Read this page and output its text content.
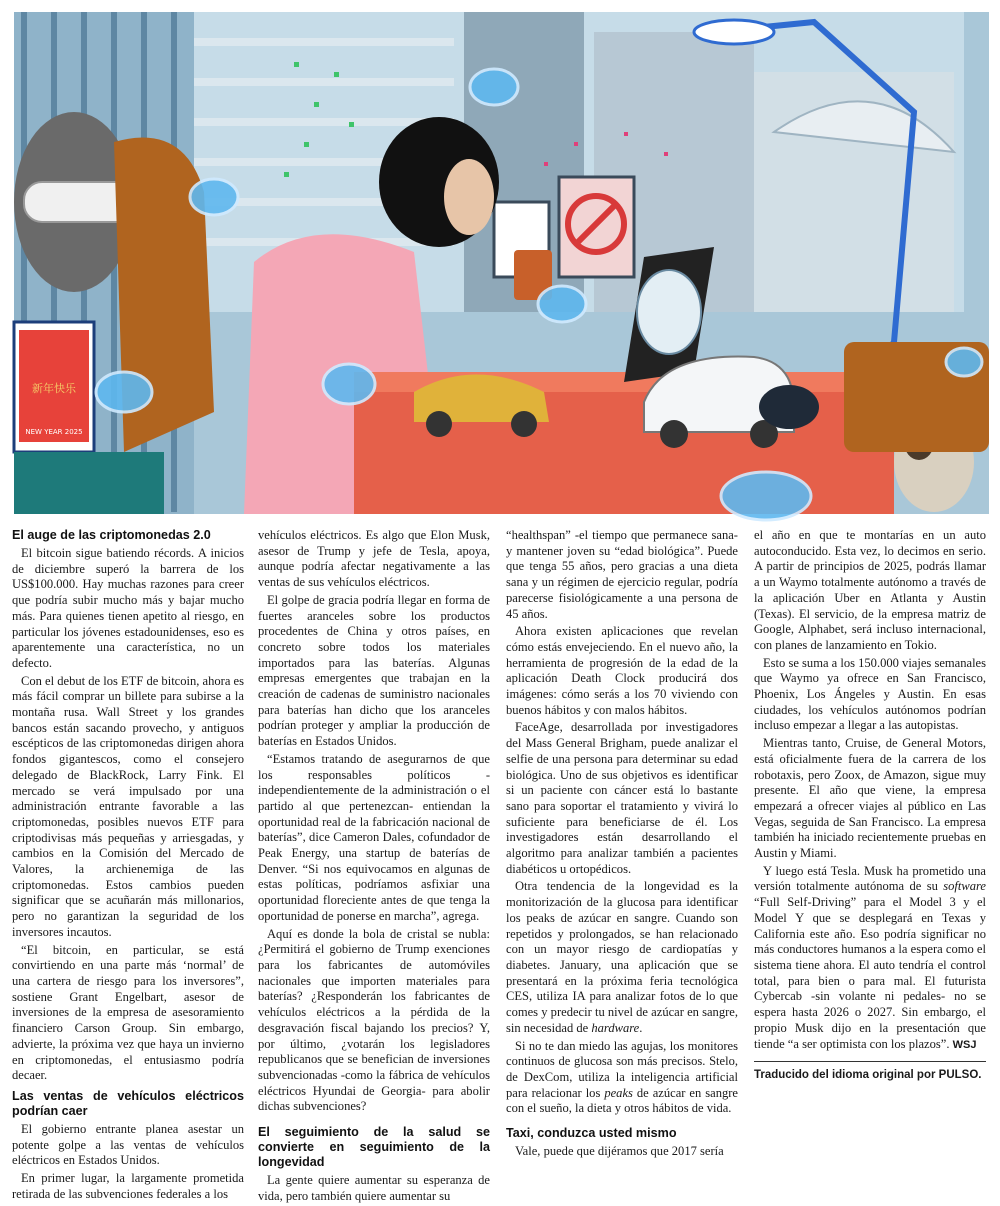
新年快乐
NEW YEAR 2025
El auge de las criptomonedas 2.0

El bitcoin sigue batiendo récords. A inicios de diciembre superó la barrera de los US$100.000. Hay muchas razones para creer que podría subir mucho más y bajar mucho más. Para quienes tienen apetito al riesgo, en particular los jóvenes estadounidenses, eso es aparentemente una característica, no un defecto.

Con el debut de los ETF de bitcoin, ahora es más fácil comprar un billete para subirse a la montaña rusa. Wall Street y los grandes bancos están sacando provecho, y antiguos escépticos de las criptomonedas dirigen ahora fondos gigantescos, como el consejero delegado de BlackRock, Larry Fink. El mercado se verá impulsado por una administración entrante favorable a las criptomonedas, posibles nuevos ETF para criptodivisas más pequeñas y arriesgadas, y cambios en la Comisión del Mercado de Valores, la archienemiga de las criptomonedas. Estos cambios pueden significar que se acuñarán más millonarios, pero no garantizan la seguridad de los inversores incautos.

“El bitcoin, en particular, se está convirtiendo en una parte más ‘normal’ de una cartera de riesgo para los inversores”, sostiene Grant Engelbart, asesor de inversiones de la empresa de asesoramiento financiero Carson Group. Sin embargo, advierte, la próxima vez que haya un invierno en criptomonedas, el entusiasmo podría decaer.

Las ventas de vehículos eléctricos podrían caer

El gobierno entrante planea asestar un potente golpe a las ventas de vehículos eléctricos en Estados Unidos.

En primer lugar, la largamente prometida retirada de las subvenciones federales a los

vehículos eléctricos. Es algo que Elon Musk, asesor de Trump y jefe de Tesla, apoya, aunque podría afectar negativamente a las ventas de sus vehículos eléctricos.

El golpe de gracia podría llegar en forma de fuertes aranceles sobre los productos procedentes de China y otros países, en concreto sobre todos los materiales importados para las baterías. Algunas empresas emergentes que trabajan en la creación de cadenas de suministro nacionales para baterías han dicho que los aranceles podrían proteger y ampliar la producción de baterías en Estados Unidos.

“Estamos tratando de asegurarnos de que los responsables políticos -independientemente de la administración o el partido al que pertenezcan- entiendan la oportunidad real de la fabricación nacional de baterías”, dice Cameron Dales, cofundador de Peak Energy, una startup de baterías de Denver. “Si nos equivocamos en algunas de estas políticas, podríamos asfixiar una oportunidad floreciente antes de que tenga la oportunidad de ponerse en marcha”, agrega.

Aquí es donde la bola de cristal se nubla: ¿Permitirá el gobierno de Trump exenciones para los fabricantes de automóviles nacionales que importen materiales para baterías? ¿Responderán los fabricantes de vehículos eléctricos a la pérdida de la desgravación fiscal bajando los precios? Y, por último, ¿votarán los legisladores republicanos que se benefician de inversiones subvencionadas -como la fábrica de vehículos eléctricos Hyundai de Georgia- para abolir dichas subvenciones?

El seguimiento de la salud se convierte en seguimiento de la longevidad

La gente quiere aumentar su esperanza de vida, pero también quiere aumentar su

“healthspan” -el tiempo que permanece sana- y mantener joven su “edad biológica”. Puede que tenga 55 años, pero gracias a una dieta sana y un régimen de ejercicio regular, podría parecerse fisiológicamente a una persona de 45 años.

Ahora existen aplicaciones que revelan cómo estás envejeciendo. En el nuevo año, la herramienta de progresión de la edad de la aplicación Death Clock producirá dos imágenes: cómo serás a los 70 viviendo con buenos hábitos y con malos hábitos.

FaceAge, desarrollada por investigadores del Mass General Brigham, puede analizar el selfie de una persona para determinar su edad biológica. Uno de sus objetivos es identificar si un paciente con cáncer está lo bastante sano para soportar el tratamiento y vivirá lo suficiente para beneficiarse de él. Los investigadores están desarrollando el algoritmo para analizar también a pacientes diabéticos u ortopédicos.

Otra tendencia de la longevidad es la monitorización de la glucosa para identificar los peaks de azúcar en sangre. Cuando son repetidos y prolongados, se han relacionado con un mayor riesgo de cardiopatías y diabetes. January, una aplicación que se presentará en la próxima feria tecnológica CES, utiliza IA para analizar fotos de lo que comes y predecir tu nivel de azúcar en sangre, sin necesidad de hardware.

Si no te dan miedo las agujas, los monitores continuos de glucosa son más precisos. Stelo, de DexCom, utiliza la inteligencia artificial para relacionar los peaks de azúcar en sangre con el sueño, la dieta y otros hábitos de vida.

Taxi, conduzca usted mismo

Vale, puede que dijéramos que 2017 sería

el año en que te montarías en un auto autoconducido. Esta vez, lo decimos en serio. A partir de principios de 2025, podrás llamar a un Waymo totalmente autónomo a través de la aplicación Uber en Atlanta y Austin (Texas). El servicio, de la empresa matriz de Google, Alphabet, será incluso internacional, con planes de lanzamiento en Tokio.

Esto se suma a los 150.000 viajes semanales que Waymo ya ofrece en San Francisco, Phoenix, Los Ángeles y Austin. En esas ciudades, los vehículos autónomos podrían incluso empezar a llegar a las autopistas.

Mientras tanto, Cruise, de General Motors, está oficialmente fuera de la carrera de los robotaxis, pero Zoox, de Amazon, sigue muy presente. El año que viene, la empresa empezará a ofrecer viajes al público en Las Vegas, seguida de San Francisco. La empresa también ha iniciado recientemente pruebas en Austin y Miami.

Y luego está Tesla. Musk ha prometido una versión totalmente autónoma de su software “Full Self-Driving” para el Model 3 y el Model Y que se desplegará en Texas y California este año. Eso podría significar no más conductores humanos a la espera como el sistema tiene ahora. El auto tendría el control total, para bien o para mal. El futurista Cybercab -sin volante ni pedales- no se espera hasta 2026 o 2027. Sin embargo, el propio Musk dijo en la presentación que tiende “a ser optimista con los plazos”. WSJ

Traducido del idioma original por PULSO.
